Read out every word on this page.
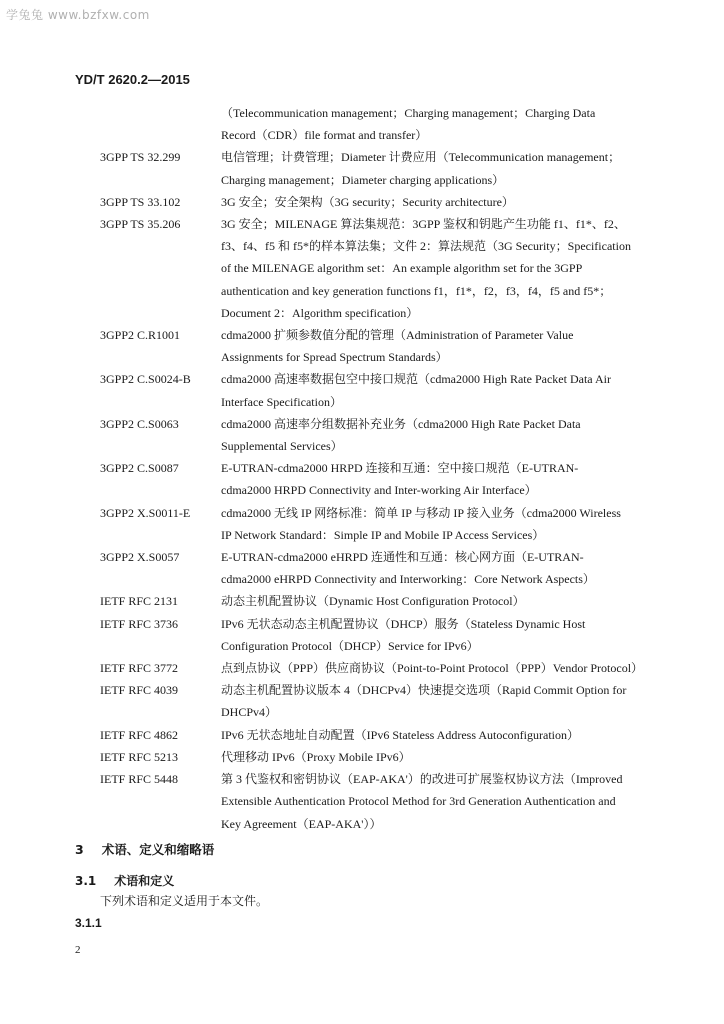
学兔兔 www.bzfxw.com
YD/T 2620.2—2015
（Telecommunication management；Charging management；Charging Data
Record（CDR）file format and transfer）
3GPP TS 32.299	电信管理；计费管理；Diameter 计费应用（Telecommunication management；
Charging management；Diameter charging applications）
3GPP TS 33.102	3G 安全；安全架构（3G security；Security architecture）
3GPP TS 35.206	3G 安全；MILENAGE 算法集规范：3GPP 鉴权和钥匙产生功能 f1、f1*、f2、
f3、f4、f5 和 f5*的样本算法集；文件 2：算法规范（3G Security；Specification
of the MILENAGE algorithm set：An example algorithm set for the 3GPP
authentication and key generation functions f1，f1*，f2，f3，f4，f5 and f5*；
Document 2：Algorithm specification）
3GPP2 C.R1001	cdma2000 扩频参数值分配的管理（Administration of Parameter Value
Assignments for Spread Spectrum Standards）
3GPP2 C.S0024-B	cdma2000 高速率数据包空中接口规范（cdma2000 High Rate Packet Data Air
Interface Specification）
3GPP2 C.S0063	cdma2000 高速率分组数据补充业务（cdma2000 High Rate Packet Data
Supplemental Services）
3GPP2 C.S0087	E-UTRAN-cdma2000 HRPD 连接和互通：空中接口规范（E-UTRAN-
cdma2000 HRPD Connectivity and Inter-working Air Interface）
3GPP2 X.S0011-E	cdma2000 无线 IP 网络标准：简单 IP 与移动 IP 接入业务（cdma2000 Wireless
IP Network Standard：Simple IP and Mobile IP Access Services）
3GPP2 X.S0057	E-UTRAN-cdma2000 eHRPD 连通性和互通：核心网方面（E-UTRAN-
cdma2000 eHRPD Connectivity and Interworking：Core Network Aspects）
IETF RFC 2131	动态主机配置协议（Dynamic Host Configuration Protocol）
IETF RFC 3736	IPv6 无状态动态主机配置协议（DHCP）服务（Stateless Dynamic Host
Configuration Protocol（DHCP）Service for IPv6）
IETF RFC 3772	点到点协议（PPP）供应商协议（Point-to-Point Protocol（PPP）Vendor Protocol）
IETF RFC 4039	动态主机配置协议版本 4（DHCPv4）快速提交选项（Rapid Commit Option for
DHCPv4）
IETF RFC 4862	IPv6 无状态地址自动配置（IPv6 Stateless Address Autoconfiguration）
IETF RFC 5213	代理移动 IPv6（Proxy Mobile IPv6）
IETF RFC 5448	第 3 代鉴权和密钥协议（EAP-AKA'）的改进可扩展鉴权协议方法（Improved
Extensible Authentication Protocol Method for 3rd Generation Authentication and
Key Agreement（EAP-AKA'））
3 术语、定义和缩略语
3.1 术语和定义
下列术语和定义适用于本文件。
3.1.1
2
